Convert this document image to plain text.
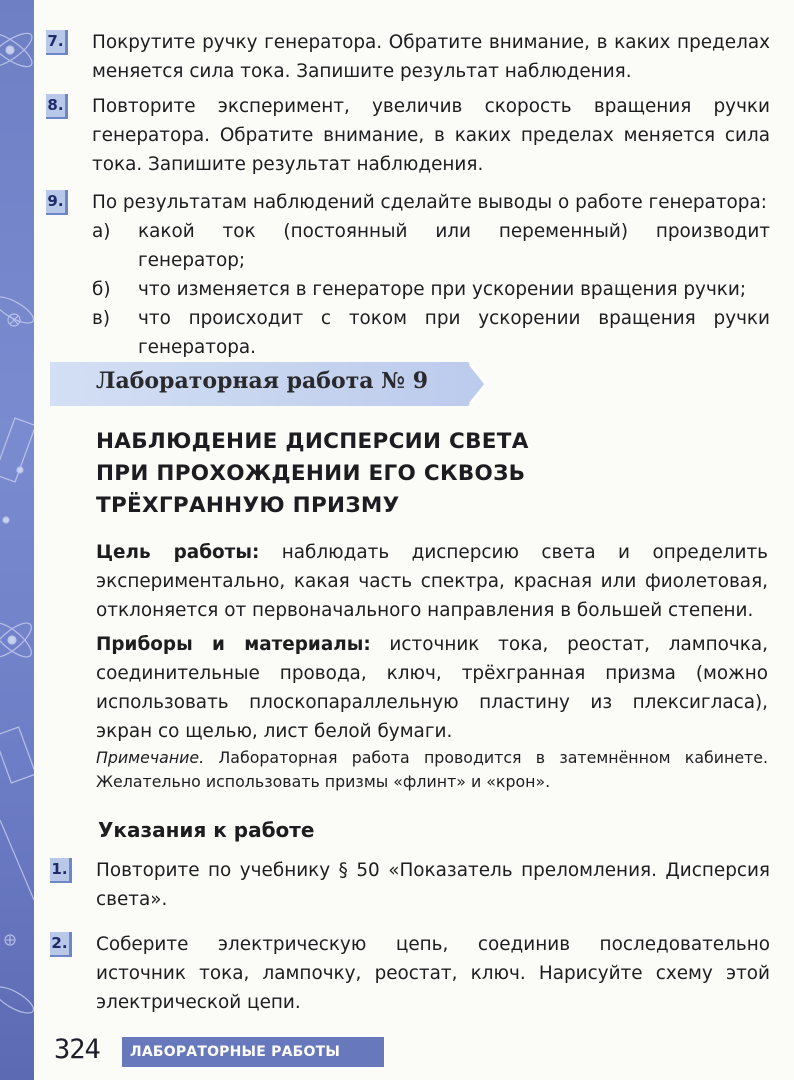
7. Покрутите ручку генератора. Обратите внимание, в каких пределах меняется сила тока. Запишите результат наблюдения.
8. Повторите эксперимент, увеличив скорость вращения ручки генератора. Обратите внимание, в каких пределах меняется сила тока. Запишите результат наблюдения.
9. По результатам наблюдений сделайте выводы о работе генератора:
а) какой ток (постоянный или переменный) производит генератор;
б) что изменяется в генераторе при ускорении вращения ручки;
в) что происходит с током при ускорении вращения ручки генератора.
Лабораторная работа № 9
НАБЛЮДЕНИЕ ДИСПЕРСИИ СВЕТА
ПРИ ПРОХОЖДЕНИИ ЕГО СКВОЗЬ
ТРЁХГРАННУЮ ПРИЗМУ
Цель работы: наблюдать дисперсию света и определить экспериментально, какая часть спектра, красная или фиолетовая, отклоняется от первоначального направления в большей степени.
Приборы и материалы: источник тока, реостат, лампочка, соединительные провода, ключ, трёхгранная призма (можно использовать плоскопараллельную пластину из плексигласа), экран со щелью, лист белой бумаги.
Примечание. Лабораторная работа проводится в затемнённом кабинете. Желательно использовать призмы «флинт» и «крон».
Указания к работе
1. Повторите по учебнику § 50 «Показатель преломления. Дисперсия света».
2. Соберите электрическую цепь, соединив последовательно источник тока, лампочку, реостат, ключ. Нарисуйте схему этой электрической цепи.
324	ЛАБОРАТОРНЫЕ РАБОТЫ
